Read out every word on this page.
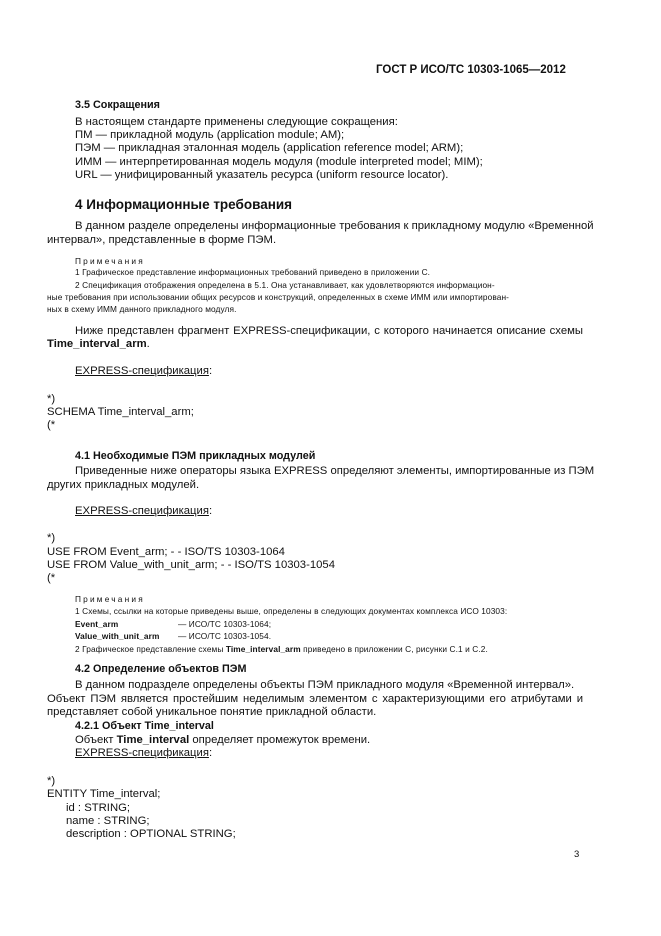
ГОСТ Р ИСО/ТС 10303-1065—2012
3.5 Сокращения
В настоящем стандарте применены следующие сокращения:
ПМ — прикладной модуль (application module; AM);
ПЭМ — прикладная эталонная модель (application reference model; ARM);
ИММ — интерпретированная модель модуля (module interpreted model; MIM);
URL — унифицированный указатель ресурса (uniform resource locator).
4 Информационные требования
В данном разделе определены информационные требования к прикладному модулю «Временной
интервал», представленные в форме ПЭМ.
Примечания
1 Графическое представление информационных требований приведено в приложении С.
2 Спецификация отображения определена в 5.1. Она устанавливает, как удовлетворяются информацион-
ные требования при использовании общих ресурсов и конструкций, определенных в схеме ИММ или импортирован-
ных в схему ИММ данного прикладного модуля.
Ниже представлен фрагмент EXPRESS-спецификации, с которого начинается описание схемы
Time_interval_arm.
EXPRESS-спецификация:
*)
SCHEMA Time_interval_arm;
(*
4.1 Необходимые ПЭМ прикладных модулей
Приведенные ниже операторы языка EXPRESS определяют элементы, импортированные из ПЭМ
других прикладных модулей.
EXPRESS-спецификация:
*)
USE FROM Event_arm; - - ISO/TS 10303-1064
USE FROM Value_with_unit_arm; - - ISO/TS 10303-1054
(*
Примечания
1 Схемы, ссылки на которые приведены выше, определены в следующих документах комплекса ИСО 10303:
Event_arm	— ИСО/ТС 10303-1064;
Value_with_unit_arm — ИСО/ТС 10303-1054.
2 Графическое представление схемы Time_interval_arm приведено в приложении С, рисунки С.1 и С.2.
4.2 Определение объектов ПЭМ
В данном подразделе определены объекты ПЭМ прикладного модуля «Временной интервал».
Объект ПЭМ является простейшим неделимым элементом с характеризующими его атрибутами и
представляет собой уникальное понятие прикладной области.
4.2.1 Объект Time_interval
Объект Time_interval определяет промежуток времени.
EXPRESS-спецификация:
*)
ENTITY Time_interval;
id : STRING;
name : STRING;
description : OPTIONAL STRING;
3
